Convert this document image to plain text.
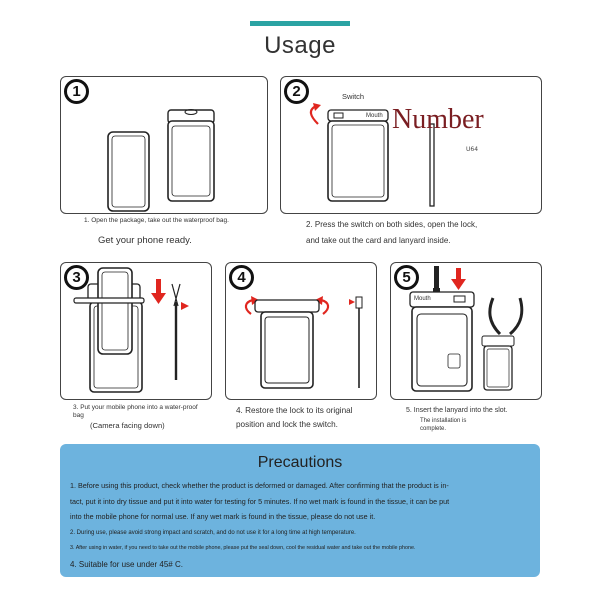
Usage
1
1. Open the package, take out the waterproof bag.
Get your phone ready.
2	Switch
U64
Mouth Number
2. Press the switch on both sides, open the lock,
and take out the card and lanyard inside.
3
3. Put your mobile phone into a water-proof bag
(Camera facing down)
4
4. Restore the lock to its original
position and lock the switch.
5
Mouth
5. Insert the lanyard into the slot.
The installation is complete.
Precautions
1. Before using this product, check whether the product is deformed or damaged. After confirming that the product is in-
tact, put it into dry tissue and put it into water for testing for 5 minutes. If no wet mark is found in the tissue, it can be put
into the mobile phone for normal use. If any wet mark is found in the tissue, please do not use it.
2. During use, please avoid strong impact and scratch, and do not use it for a long time at high temperature.
3. After using in water, if you need to take out the mobile phone, please put the seal down, cool the residual water and take out the mobile phone.
4. Suitable for use under 45# C.
